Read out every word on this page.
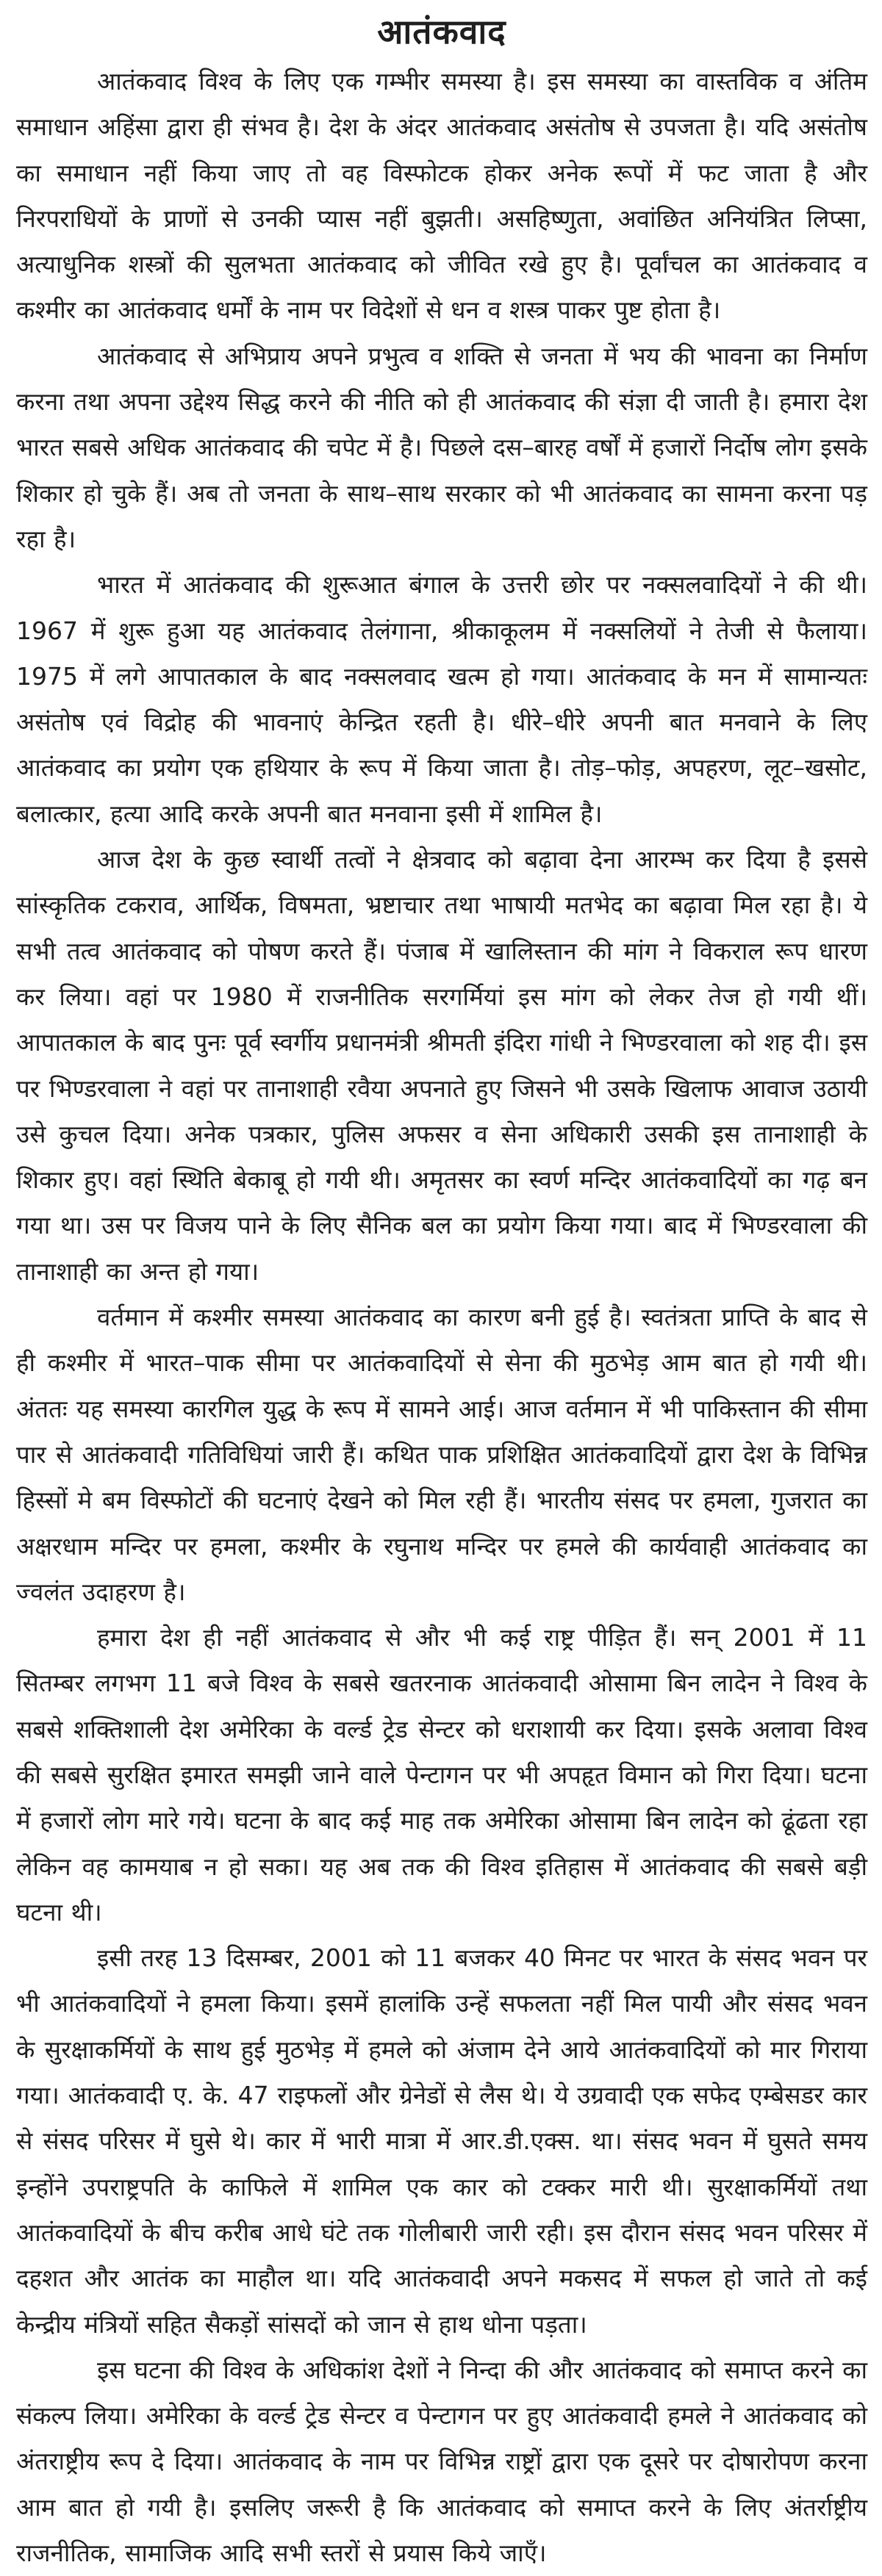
आतंकवाद

आतंकवाद विश्व के लिए एक गम्भीर समस्या है। इस समस्या का वास्तविक व अंतिम समाधान अहिंसा द्वारा ही संभव है। देश के अंदर आतंकवाद असंतोष से उपजता है। यदि असंतोष का समाधान नहीं किया जाए तो वह विस्फोटक होकर अनेक रूपों में फट जाता है और निरपराधियों के प्राणों से उनकी प्यास नहीं बुझती। असहिष्णुता, अवांछित अनियंत्रित लिप्सा, अत्याधुनिक शस्त्रों की सुलभता आतंकवाद को जीवित रखे हुए है। पूर्वांचल का आतंकवाद व कश्मीर का आतंकवाद धर्मों के नाम पर विदेशों से धन व शस्त्र पाकर पुष्ट होता है।

आतंकवाद से अभिप्राय अपने प्रभुत्व व शक्ति से जनता में भय की भावना का निर्माण करना तथा अपना उद्देश्य सिद्ध करने की नीति को ही आतंकवाद की संज्ञा दी जाती है। हमारा देश भारत सबसे अधिक आतंकवाद की चपेट में है। पिछले दस–बारह वर्षों में हजारों निर्दोष लोग इसके शिकार हो चुके हैं। अब तो जनता के साथ–साथ सरकार को भी आतंकवाद का सामना करना पड़ रहा है।

भारत में आतंकवाद की शुरूआत बंगाल के उत्तरी छोर पर नक्सलवादियों ने की थी। 1967 में शुरू हुआ यह आतंकवाद तेलंगाना, श्रीकाकूलम में नक्सलियों ने तेजी से फैलाया। 1975 में लगे आपातकाल के बाद नक्सलवाद खत्म हो गया। आतंकवाद के मन में सामान्यतः असंतोष एवं विद्रोह की भावनाएं केन्द्रित रहती है। धीरे–धीरे अपनी बात मनवाने के लिए आतंकवाद का प्रयोग एक हथियार के रूप में किया जाता है। तोड़–फोड़, अपहरण, लूट–खसोट, बलात्कार, हत्या आदि करके अपनी बात मनवाना इसी में शामिल है।

आज देश के कुछ स्वार्थी तत्वों ने क्षेत्रवाद को बढ़ावा देना आरम्भ कर दिया है इससे सांस्कृतिक टकराव, आर्थिक, विषमता, भ्रष्टाचार तथा भाषायी मतभेद का बढ़ावा मिल रहा है। ये सभी तत्व आतंकवाद को पोषण करते हैं। पंजाब में खालिस्तान की मांग ने विकराल रूप धारण कर लिया। वहां पर 1980 में राजनीतिक सरगर्मियां इस मांग को लेकर तेज हो गयी थीं। आपातकाल के बाद पुनः पूर्व स्वर्गीय प्रधानमंत्री श्रीमती इंदिरा गांधी ने भिण्डरवाला को शह दी। इस पर भिण्डरवाला ने वहां पर तानाशाही रवैया अपनाते हुए जिसने भी उसके खिलाफ आवाज उठायी उसे कुचल दिया। अनेक पत्रकार, पुलिस अफसर व सेना अधिकारी उसकी इस तानाशाही के शिकार हुए। वहां स्थिति बेकाबू हो गयी थी। अमृतसर का स्वर्ण मन्दिर आतंकवादियों का गढ़ बन गया था। उस पर विजय पाने के लिए सैनिक बल का प्रयोग किया गया। बाद में भिण्डरवाला की तानाशाही का अन्त हो गया।

वर्तमान में कश्मीर समस्या आतंकवाद का कारण बनी हुई है। स्वतंत्रता प्राप्ति के बाद से ही कश्मीर में भारत–पाक सीमा पर आतंकवादियों से सेना की मुठभेड़ आम बात हो गयी थी। अंततः यह समस्या कारगिल युद्ध के रूप में सामने आई। आज वर्तमान में भी पाकिस्तान की सीमा पार से आतंकवादी गतिविधियां जारी हैं। कथित पाक प्रशिक्षित आतंकवादियों द्वारा देश के विभिन्न हिस्सों मे बम विस्फोटों की घटनाएं देखने को मिल रही हैं। भारतीय संसद पर हमला, गुजरात का अक्षरधाम मन्दिर पर हमला, कश्मीर के रघुनाथ मन्दिर पर हमले की कार्यवाही आतंकवाद का ज्वलंत उदाहरण है।

हमारा देश ही नहीं आतंकवाद से और भी कई राष्ट्र पीड़ित हैं। सन् 2001 में 11 सितम्बर लगभग 11 बजे विश्व के सबसे खतरनाक आतंकवादी ओसामा बिन लादेन ने विश्व के सबसे शक्तिशाली देश अमेरिका के वर्ल्ड ट्रेड सेन्टर को धराशायी कर दिया। इसके अलावा विश्व की सबसे सुरक्षित इमारत समझी जाने वाले पेन्टागन पर भी अपहृत विमान को गिरा दिया। घटना में हजारों लोग मारे गये। घटना के बाद कई माह तक अमेरिका ओसामा बिन लादेन को ढूंढता रहा लेकिन वह कामयाब न हो सका। यह अब तक की विश्व इतिहास में आतंकवाद की सबसे बड़ी घटना थी।

इसी तरह 13 दिसम्बर, 2001 को 11 बजकर 40 मिनट पर भारत के संसद भवन पर भी आतंकवादियों ने हमला किया। इसमें हालांकि उन्हें सफलता नहीं मिल पायी और संसद भवन के सुरक्षाकर्मियों के साथ हुई मुठभेड़ में हमले को अंजाम देने आये आतंकवादियों को मार गिराया गया। आतंकवादी ए. के. 47 राइफलों और ग्रेनेडों से लैस थे। ये उग्रवादी एक सफेद एम्बेसडर कार से संसद परिसर में घुसे थे। कार में भारी मात्रा में आर.डी.एक्स. था। संसद भवन में घुसते समय इन्होंने उपराष्ट्रपति के काफिले में शामिल एक कार को टक्कर मारी थी। सुरक्षाकर्मियों तथा आतंकवादियों के बीच करीब आधे घंटे तक गोलीबारी जारी रही। इस दौरान संसद भवन परिसर में दहशत और आतंक का माहौल था। यदि आतंकवादी अपने मकसद में सफल हो जाते तो कई केन्द्रीय मंत्रियों सहित सैकड़ों सांसदों को जान से हाथ धोना पड़ता।

इस घटना की विश्व के अधिकांश देशों ने निन्दा की और आतंकवाद को समाप्त करने का संकल्प लिया। अमेरिका के वर्ल्ड ट्रेड सेन्टर व पेन्टागन पर हुए आतंकवादी हमले ने आतंकवाद को अंतराष्ट्रीय रूप दे दिया। आतंकवाद के नाम पर विभिन्न राष्ट्रों द्वारा एक दूसरे पर दोषारोपण करना आम बात हो गयी है। इसलिए जरूरी है कि आतंकवाद को समाप्त करने के लिए अंतर्राष्ट्रीय राजनीतिक, सामाजिक आदि सभी स्तरों से प्रयास किये जाएँ।
